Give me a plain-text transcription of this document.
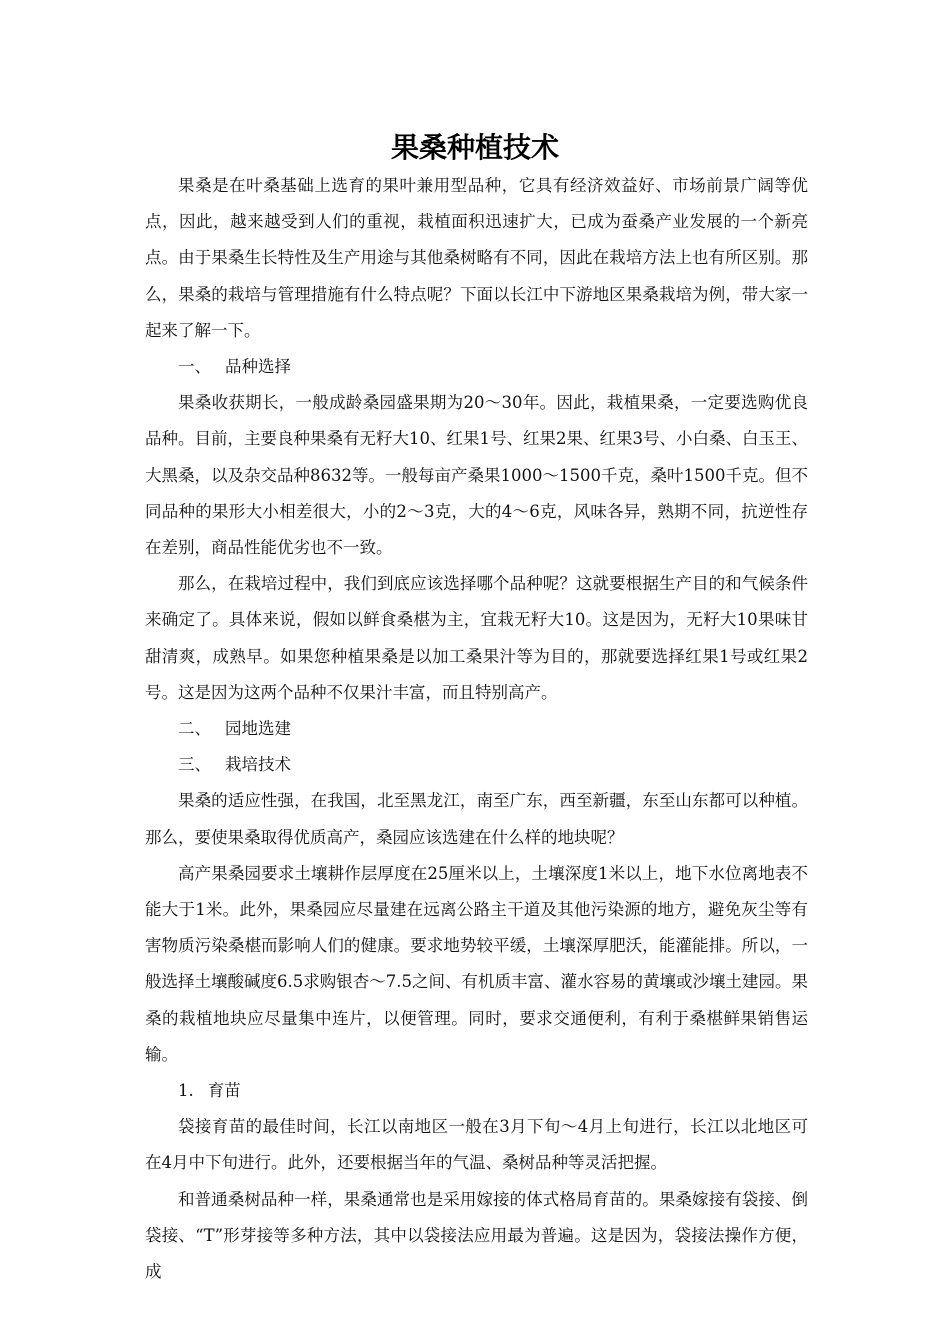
果桑种植技术

果桑是在叶桑基础上选育的果叶兼用型品种，它具有经济效益好、市场前景广阔等优点，因此，越来越受到人们的重视，栽植面积迅速扩大，已成为蚕桑产业发展的一个新亮点。由于果桑生长特性及生产用途与其他桑树略有不同，因此在栽培方法上也有所区别。那么，果桑的栽培与管理措施有什么特点呢？下面以长江中下游地区果桑栽培为例，带大家一起来了解一下。

一、 品种选择

果桑收获期长，一般成龄桑园盛果期为20～30年。因此，栽植果桑，一定要选购优良品种。目前，主要良种果桑有无籽大10、红果1号、红果2果、红果3号、小白桑、白玉王、大黑桑，以及杂交品种8632等。一般每亩产桑果1000～1500千克，桑叶1500千克。但不同品种的果形大小相差很大，小的2～3克，大的4～6克，风味各异，熟期不同，抗逆性存在差别，商品性能优劣也不一致。

那么，在栽培过程中，我们到底应该选择哪个品种呢？这就要根据生产目的和气候条件来确定了。具体来说，假如以鲜食桑椹为主，宜栽无籽大10。这是因为，无籽大10果味甘甜清爽，成熟早。如果您种植果桑是以加工桑果汁等为目的，那就要选择红果1号或红果2号。这是因为这两个品种不仅果汁丰富，而且特别高产。

二、 园地选建

三、 栽培技术

果桑的适应性强，在我国，北至黑龙江，南至广东，西至新疆，东至山东都可以种植。那么，要使果桑取得优质高产，桑园应该选建在什么样的地块呢？

高产果桑园要求土壤耕作层厚度在25厘米以上，土壤深度1米以上，地下水位离地表不能大于1米。此外，果桑园应尽量建在远离公路主干道及其他污染源的地方，避免灰尘等有害物质污染桑椹而影响人们的健康。要求地势较平缓，土壤深厚肥沃，能灌能排。所以，一般选择土壤酸碱度6.5求购银杏～7.5之间、有机质丰富、灌水容易的黄壤或沙壤土建园。果桑的栽植地块应尽量集中连片，以便管理。同时，要求交通便利，有利于桑椹鲜果销售运输。

1. 育苗

袋接育苗的最佳时间，长江以南地区一般在3月下旬～4月上旬进行，长江以北地区可在4月中下旬进行。此外，还要根据当年的气温、桑树品种等灵活把握。

和普通桑树品种一样，果桑通常也是采用嫁接的体式格局育苗的。果桑嫁接有袋接、倒袋接、“T”形芽接等多种方法，其中以袋接法应用最为普遍。这是因为，袋接法操作方便，成
